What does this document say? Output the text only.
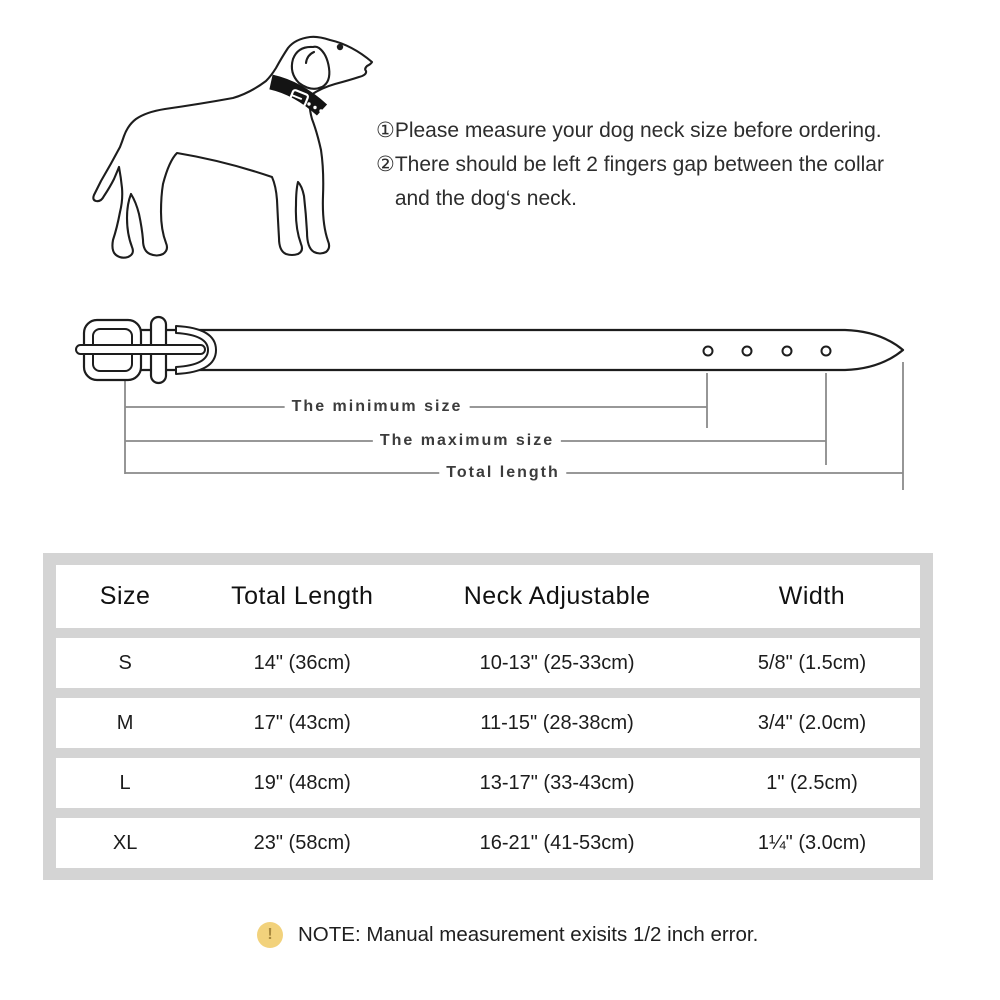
① Please measure your dog neck size before ordering.
② There should be left 2 fingers gap between the collar and the dog‘s neck.
The minimum size
The maximum size
Total length
Size	Total Length	Neck Adjustable	Width
S	14" (36cm)	10-13" (25-33cm)	5/8" (1.5cm)
M	17" (43cm)	11-15" (28-38cm)	3/4" (2.0cm)
L	19" (48cm)	13-17" (33-43cm)	1" (2.5cm)
XL	23" (58cm)	16-21" (41-53cm)	1¼" (3.0cm)
!	NOTE: Manual measurement exisits 1/2 inch error.
